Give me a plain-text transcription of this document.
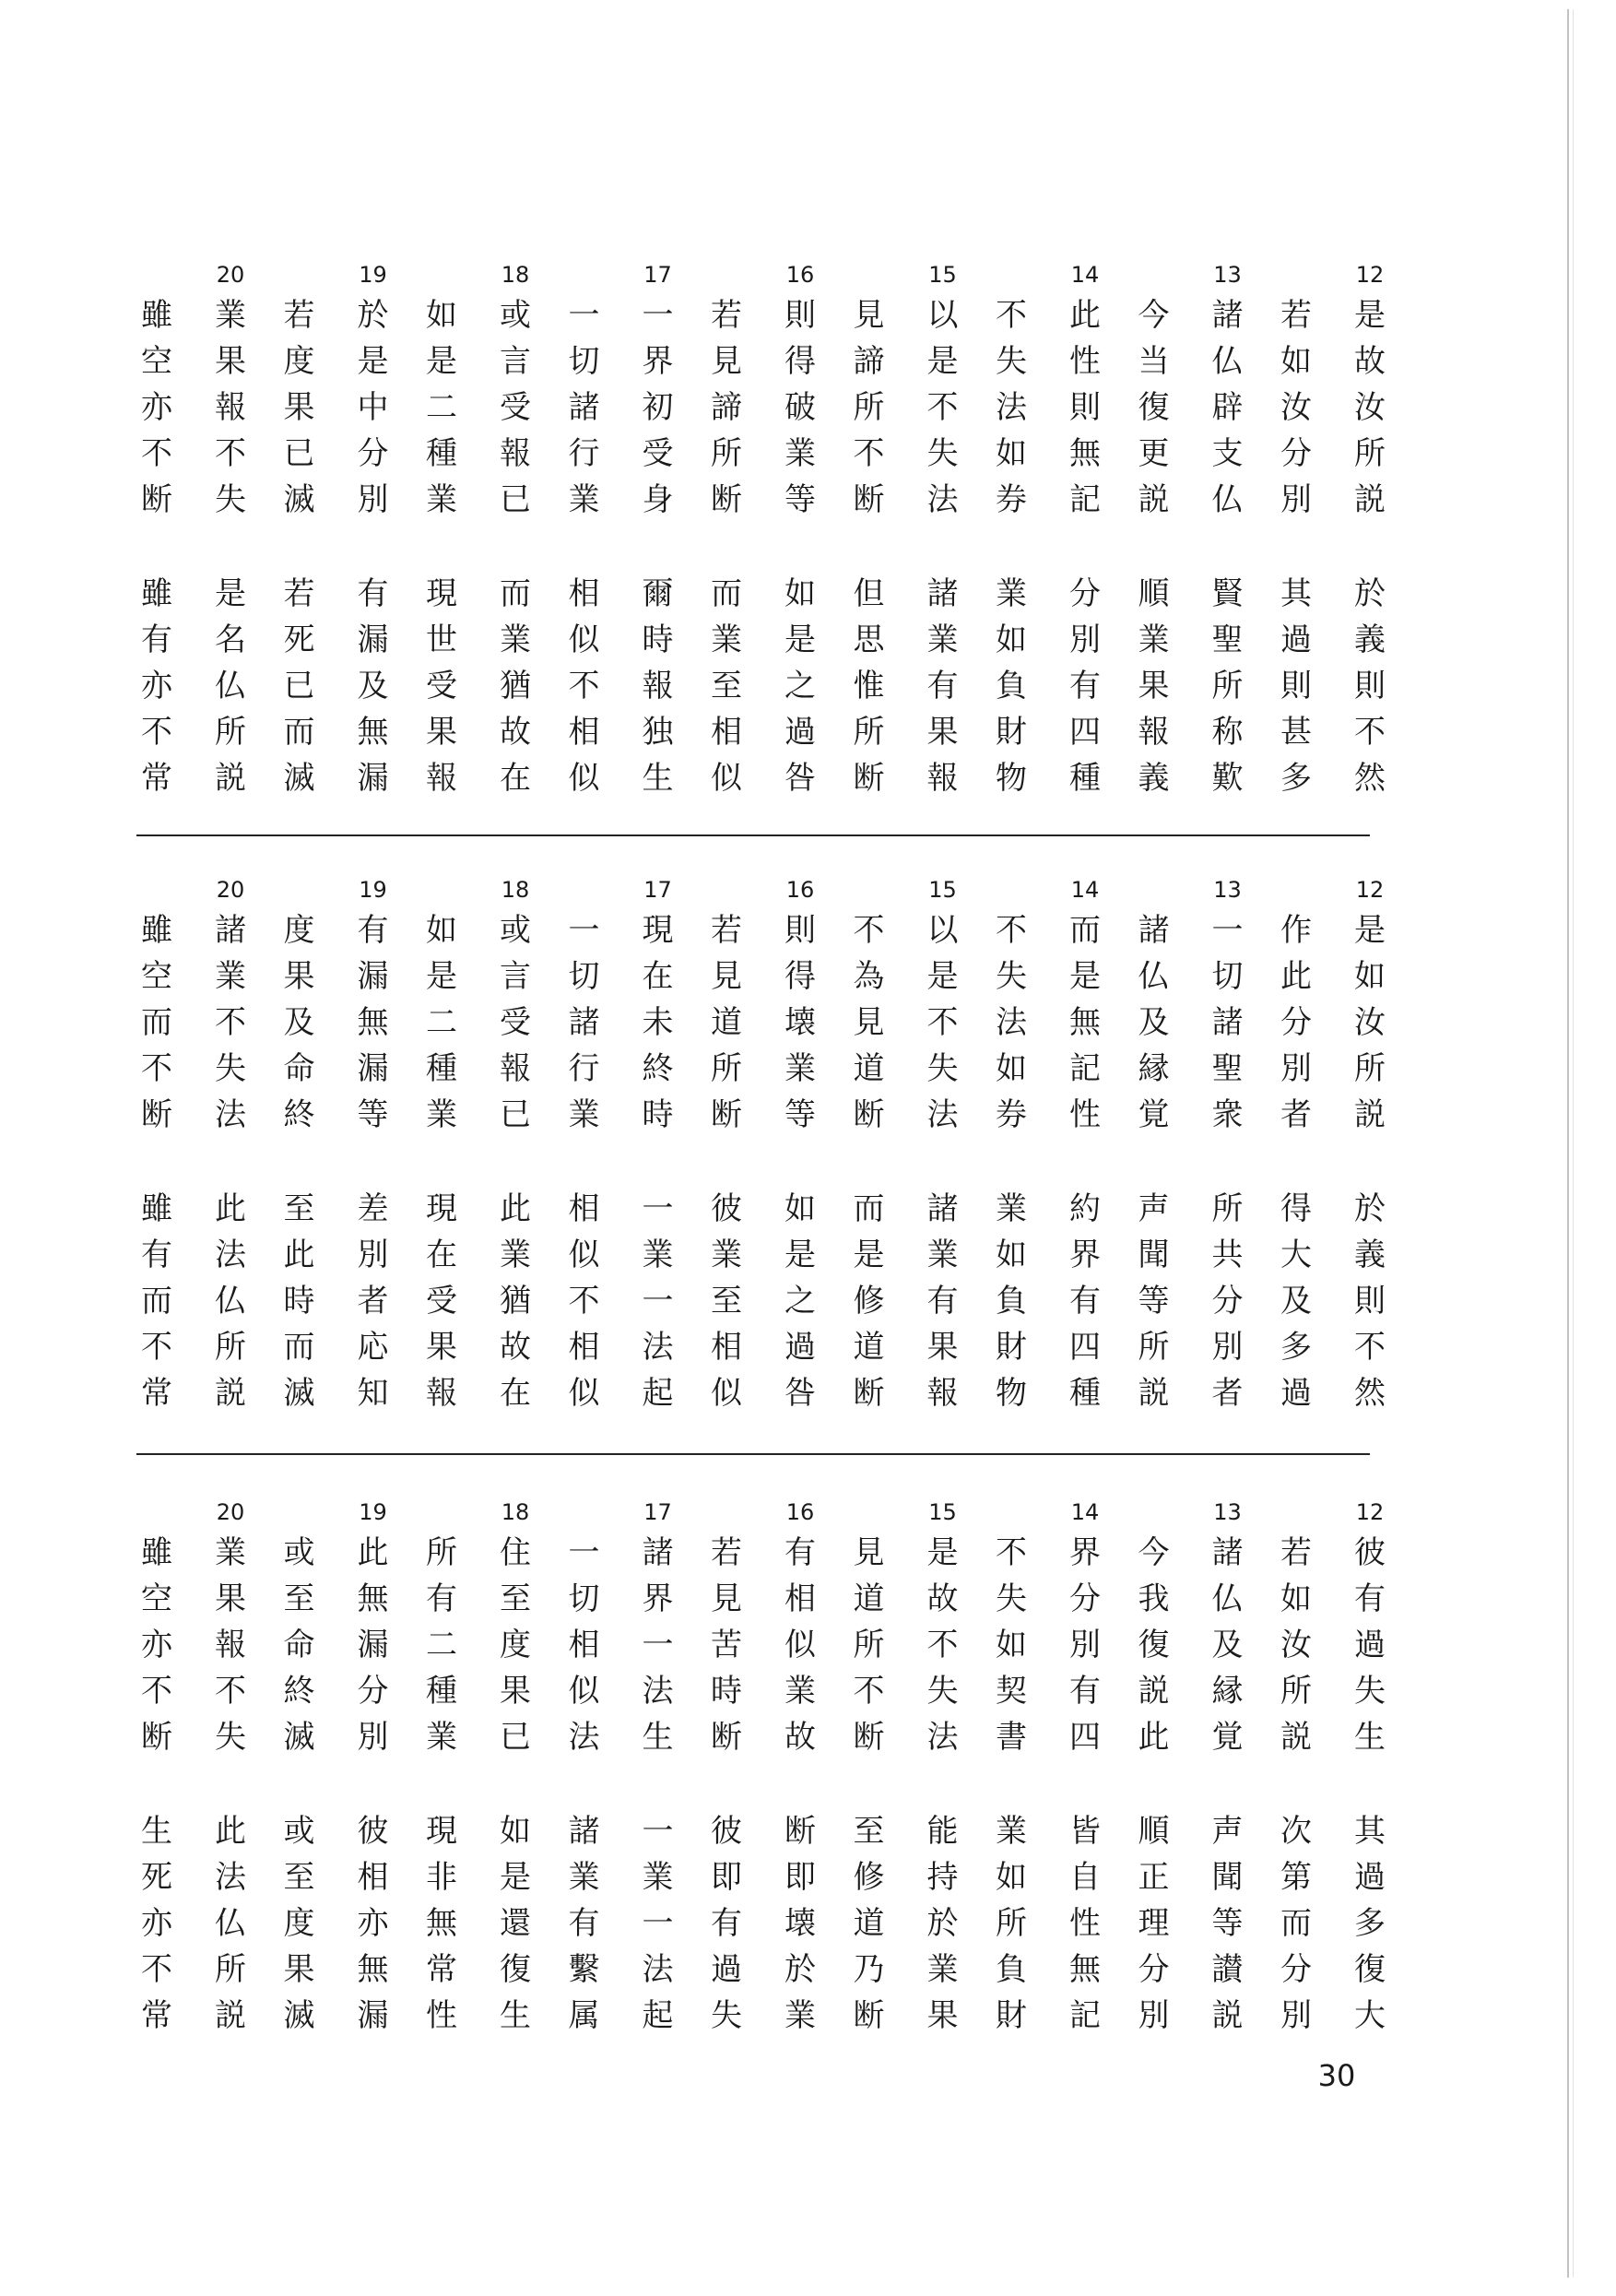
12
若
如
汝
分
別
是
故
汝
所
説
其
過
則
甚
多
於
義
則
不
然
13
今
当
復
更
説
諸
仏
辟
支
仏
順
業
果
報
義
賢
聖
所
称
歎
14
不
失
法
如
券
此
性
則
無
記
業
如
負
財
物
分
別
有
四
種
15
見
諦
所
不
断
以
是
不
失
法
但
思
惟
所
断
諸
業
有
果
報
16
若
見
諦
所
断
則
得
破
業
等
而
業
至
相
似
如
是
之
過
咎
17
一
切
諸
行
業
一
界
初
受
身
相
似
不
相
似
爾
時
報
独
生
18
如
是
二
種
業
或
言
受
報
已
現
世
受
果
報
而
業
猶
故
在
19
若
度
果
已
滅
於
是
中
分
別
若
死
已
而
滅
有
漏
及
無
漏
20
雖
空
亦
不
断
業
果
報
不
失
雖
有
亦
不
常
是
名
仏
所
説
12
作
此
分
別
者
是
如
汝
所
説
得
大
及
多
過
於
義
則
不
然
13
諸
仏
及
縁
覚
一
切
諸
聖
衆
声
聞
等
所
説
所
共
分
別
者
14
不
失
法
如
券
而
是
無
記
性
業
如
負
財
物
約
界
有
四
種
15
不
為
見
道
断
以
是
不
失
法
而
是
修
道
断
諸
業
有
果
報
16
若
見
道
所
断
則
得
壊
業
等
彼
業
至
相
似
如
是
之
過
咎
17
一
切
諸
行
業
現
在
未
終
時
相
似
不
相
似
一
業
一
法
起
18
如
是
二
種
業
或
言
受
報
已
現
在
受
果
報
此
業
猶
故
在
19
度
果
及
命
終
有
漏
無
漏
等
至
此
時
而
滅
差
別
者
応
知
20
雖
空
而
不
断
諸
業
不
失
法
雖
有
而
不
常
此
法
仏
所
説
12
若
如
汝
所
説
彼
有
過
失
生
次
第
而
分
別
其
過
多
復
大
13
今
我
復
説
此
諸
仏
及
縁
覚
順
正
理
分
別
声
聞
等
讃
説
14
不
失
如
契
書
界
分
別
有
四
業
如
所
負
財
皆
自
性
無
記
15
見
道
所
不
断
是
故
不
失
法
至
修
道
乃
断
能
持
於
業
果
16
若
見
苦
時
断
有
相
似
業
故
彼
即
有
過
失
断
即
壊
於
業
17
一
切
相
似
法
諸
界
一
法
生
諸
業
有
繫
属
一
業
一
法
起
18
所
有
二
種
業
住
至
度
果
已
現
非
無
常
性
如
是
還
復
生
19
或
至
命
終
滅
此
無
漏
分
別
或
至
度
果
滅
彼
相
亦
無
漏
20
雖
空
亦
不
断
業
果
報
不
失
生
死
亦
不
常
此
法
仏
所
説
30
